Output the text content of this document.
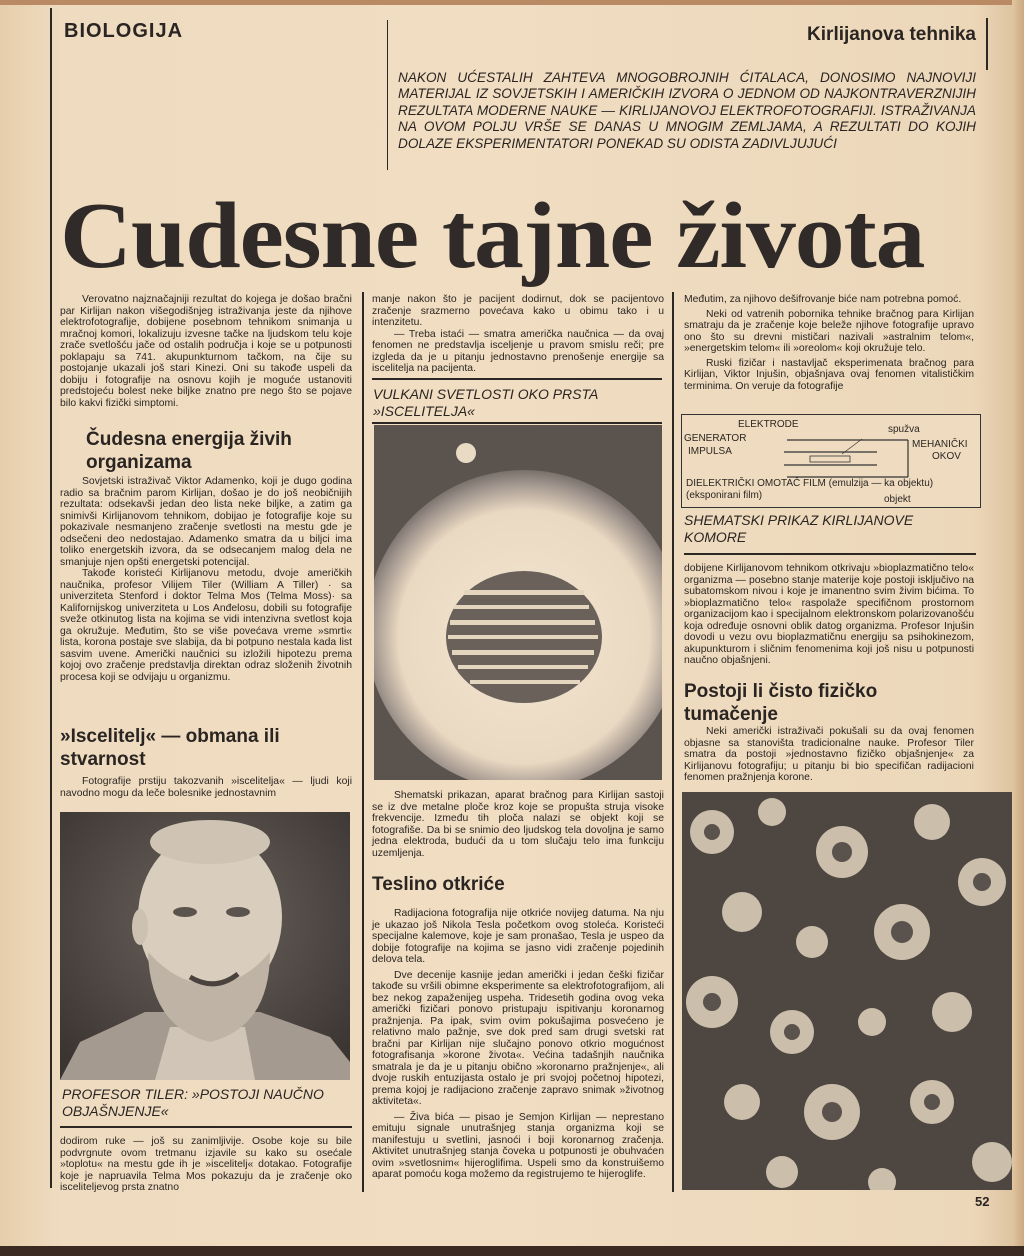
BIOLOGIJA	Kirlijanova tehnika
NAKON UĆESTALIH ZAHTEVA MNOGOBROJNIH ĆITALACA, DONOSIMO NAJNOVIJI MATERIJAL IZ SOVJETSKIH I AMERIČKIH IZVORA O JEDNOM OD NAJKONTRAVERZNIJIH REZULTATA MODERNE NAUKE — KIRLIJANOVOJ ELEKTROFOTOGRAFIJI. ISTRAŽIVANJA NA OVOM POLJU VRŠE SE DANAS U MNOGIM ZEMLJAMA, A REZULTATI DO KOJIH DOLAZE EKSPERIMENTATORI PONEKAD SU ODISTA ZADIVLJUJUĆI
Cudesne tajne života

Verovatno najznačajniji rezultat do kojega je došao bračni par Kirlijan nakon višegodišnjeg istraživanja jeste da njihove elektrofotografije, dobijene posebnom tehnikom snimanja u mračnoj komori, lokalizuju izvesne tačke na ljudskom telu koje zrače svetlošću jače od ostalih područja i koje se u potpunosti poklapaju sa 741. akupunkturnom tačkom, na čije su postojanje ukazali još stari Kinezi. Oni su takođe uspeli da dobiju i fotografije na osnovu kojih je moguće ustanoviti predstojeću bolest neke biljke znatno pre nego što se pojave bilo kakvi fizički simptomi.

Čudesna energija živih organizama

Sovjetski istraživač Viktor Adamenko, koji je dugo godina radio sa bračnim parom Kirlijan, došao je do još neobičnijih rezultata: odsekavši jedan deo lista neke biljke, a zatim ga snimivši Kirlijanovom tehnikom, dobijao je fotografije koje su pokazivale nesmanjeno zračenje svetlosti na mestu gde je odsečeni deo nedostajao. Adamenko smatra da u biljci ima toliko energetskih izvora, da se odsecanjem malog dela ne smanjuje njen opšti energetski potencijal.

Takođe koristeći Kirlijanovu metodu, dvoje američkih naučnika, profesor Vilijem Tiler (William A Tiller) · sa univerziteta Stenford i doktor Telma Mos (Telma Moss)· sa Kalifornijskog univerziteta u Los Anđelosu, dobili su fotografije sveže otkinutog lista na kojima se vidi intenzivna svetlost koja ga okružuje. Međutim, što se više povećava vreme »smrti« lista, korona postaje sve slabija, da bi potpuno nestala kada list sasvim uvene. Američki naučnici su izložili hipotezu prema kojoj ovo zračenje predstavlja direktan odraz složenih životnih procesa koji se odvijaju u organizmu.

»Iscelitelj« — obmana ili stvarnost

Fotografije prstiju takozvanih »iscelitelja« — ljudi koji navodno mogu da leče bolesnike jednostavnim

PROFESOR TILER: »POSTOJI NAUČNO OBJAŠNJENJE«

dodirom ruke — još su zanimljivije. Osobe koje su bile podvrgnute ovom tretmanu izjavile su kako su osećale »toplotu« na mestu gde ih je »iscelitelj« dotakao. Fotografije koje je napruavila Telma Mos pokazuju da je zračenje oko isceliteljevog prsta znatno

manje nakon što je pacijent dodirnut, dok se pacijentovo zračenje srazmerno povećava kako u obimu tako i u intenzitetu.

— Treba istaći — smatra američka naučnica — da ovaj fenomen ne predstavlja isceljenje u pravom smislu reči; pre izgleda da je u pitanju jednostavno prenošenje energije sa iscelitelja na pacijenta.

VULKANI SVETLOSTI OKO PRSTA »ISCELITELJA«

Shematski prikazan, aparat bračnog para Kirlijan sastoji se iz dve metalne ploče kroz koje se propušta struja visoke frekvencije. Između tih ploča nalazi se objekt koji se fotografiše. Da bi se snimio deo ljudskog tela dovoljna je samo jedna elektroda, budući da u tom slučaju telo ima funkciju uzemljenja.

Teslino otkriće

Radijaciona fotografija nije otkriće novijeg datuma. Na nju je ukazao još Nikola Tesla početkom ovog stoleća. Koristeći specijalne kalemove, koje je sam pronašao, Tesla je uspeo da dobije fotografije na kojima se jasno vidi zračenje pojedinih delova tela.

Dve decenije kasnije jedan američki i jedan češki fizičar takođe su vršili obimne eksperimente sa elektrofotografijom, ali bez nekog zapaženijeg uspeha. Tridesetih godina ovog veka američki fizičari ponovo pristupaju ispitivanju koronarnog pražnjenja. Pa ipak, svim ovim pokušajima posvećeno je relativno malo pažnje, sve dok pred sam drugi svetski rat bračni par Kirlijan nije slučajno ponovo otkrio mogućnost fotografisanja »korone života«. Većina tadašnjih naučnika smatrala je da je u pitanju obično »koronarno pražnjenje«, ali dvoje ruskih entuzijasta ostalo je pri svojoj početnoj hipotezi, prema kojoj je radijaciono zračenje zapravo snimak »životnog aktiviteta«.

— Živa bića — pisao je Semjon Kirlijan — neprestano emituju signale unutrašnjeg stanja organizma koji se manifestuju u svetlini, jasnoći i boji koronarnog zračenja. Aktivitet unutrašnjeg stanja čoveka u potpunosti je obuhvaćen ovim »svetlosnim« hijeroglifima. Uspeli smo da konstruišemo aparat pomoću koga možemo da registrujemo te hijeroglife.

Međutim, za njihovo dešifrovanje biće nam potrebna pomoć.

Neki od vatrenih pobornika tehnike bračnog para Kirlijan smatraju da je zračenje koje beleže njihove fotografije upravo ono što su drevni mističari nazivali »astralnim telom«, »energetskim telom« ili »oreolom« koji okružuje telo.

Ruski fizičar i nastavljač eksperimenata bračnog para Kirlijan, Viktor Injušin, objašnjava ovaj fenomen vitalističkim terminima. On veruje da fotografije

ELEKTRODE
GENERATOR
IMPULSA
spužva
MEHANIČKI
OKOV
DIELEKTRIČKI OMOTAČ FILM (emulzija — ka objektu)
(eksponirani film)	objekt
SHEMATSKI PRIKAZ KIRLIJANOVE KOMORE

dobijene Kirlijanovom tehnikom otkrivaju »bioplazmatično telo« organizma — posebno stanje materije koje postoji isključivo na subatomskom nivou i koje je imanentno svim živim bićima. To »bioplazmatično telo« raspolaže specifičnom prostornom organizacijom kao i specijalnom elektronskom polarizovanošću koja određuje osnovni oblik datog organizma. Profesor Injušin dovodi u vezu ovu bioplazmatičnu energiju sa psihokinezom, akupunkturom i sličnim fenomenima koji još nisu u potpunosti naučno objašnjeni.

Postoji li čisto fizičko tumačenje

Neki američki istraživači pokušali su da ovaj fenomen objasne sa stanovišta tradicionalne nauke. Profesor Tiler smatra da postoji »jednostavno fizičko objašnjenje« za Kirlijanovu fotografiju; u pitanju bi bio specifičan radijacioni fenomen pražnjenja korone.

52
